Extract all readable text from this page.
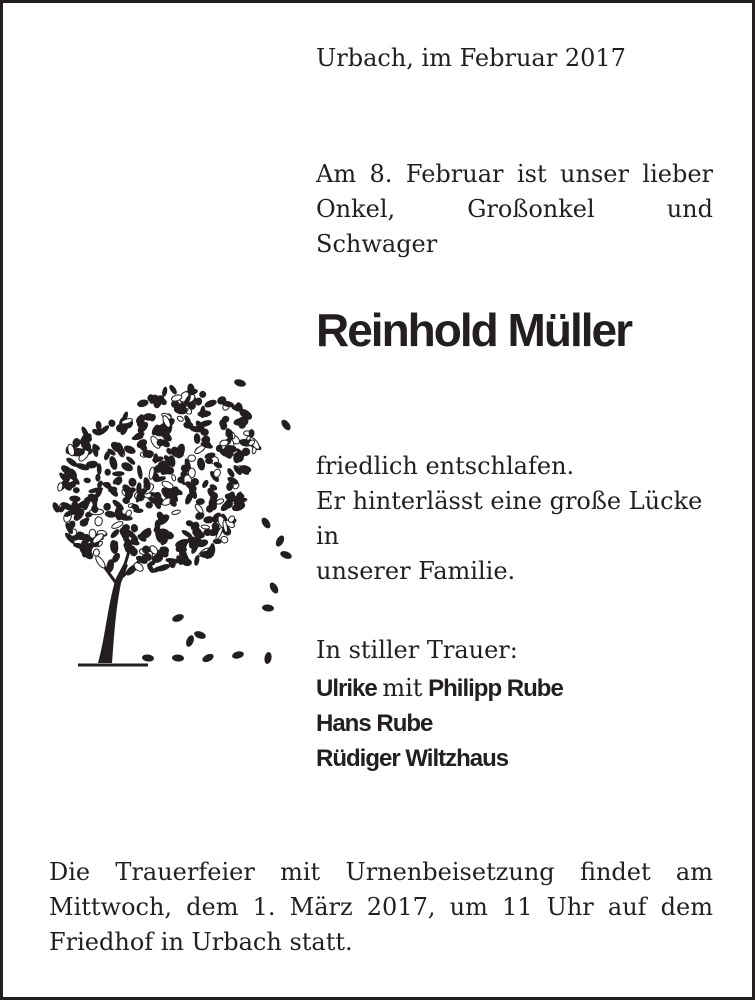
Urbach, im Februar 2017

Am 8. Februar ist unser lieber
Onkel, Großonkel und Schwager

Reinhold Müller

friedlich entschlafen.
Er hinterlässt eine große Lücke in
unserer Familie.

In stiller Trauer:

Ulrike mit Philipp Rube
Hans Rube
Rüdiger Wiltzhaus

Die Trauerfeier mit Urnenbeisetzung findet am
Mittwoch, dem 1. März 2017, um 11 Uhr auf dem
Friedhof in Urbach statt.
